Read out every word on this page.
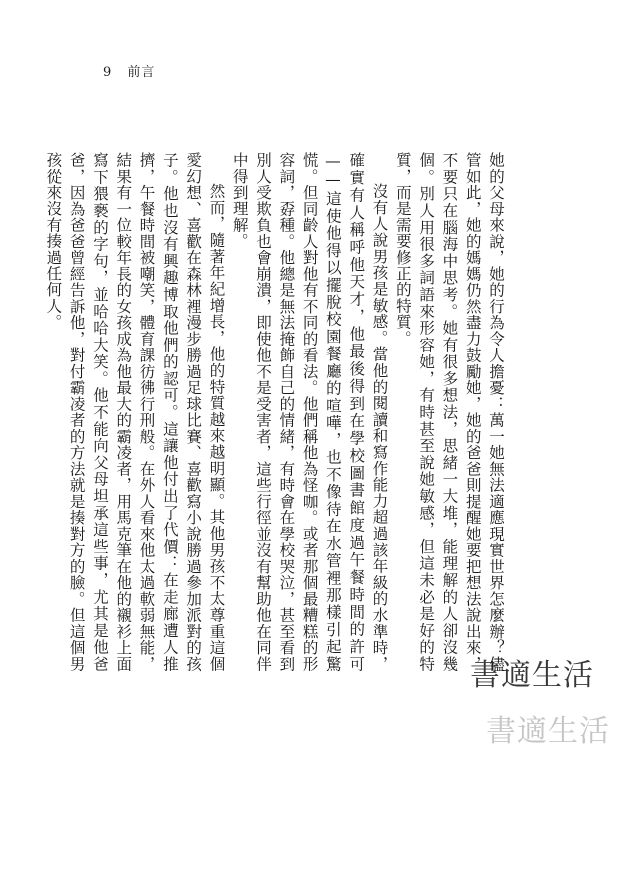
9 前言

她的父母來說，她的行為令人擔憂：萬一她無法適應現實世界怎麼辦？儘管如此，她的媽媽仍然盡力鼓勵她，她的爸爸則提醒她要把想法說出來，不要只在腦海中思考。她有很多想法，思緒一大堆，能理解的人卻沒幾個。別人用很多詞語來形容她，有時甚至說她敏感，但這未必是好的特質，而是需要修正的特質。

沒有人說男孩是敏感。當他的閱讀和寫作能力超過該年級的水準時，確實有人稱呼他天才，他最後得到在學校圖書館度過午餐時間的許可——這使他得以擺脫校園餐廳的喧嘩，也不像待在水管裡那樣引起驚慌。但同齡人對他有不同的看法。他們稱他為怪咖。或者那個最糟糕的形容詞，孬種。他總是無法掩飾自己的情緒，有時會在學校哭泣，甚至看到別人受欺負也會崩潰，即使他不是受害者，這些行徑並沒有幫助他在同伴中得到理解。

然而，隨著年紀增長，他的特質越來越明顯。其他男孩不太尊重這個愛幻想、喜歡在森林裡漫步勝過足球比賽、喜歡寫小說勝過參加派對的孩子。他也沒有興趣博取他們的認可。這讓他付出了代價：在走廊遭人推擠，午餐時間被嘲笑，體育課彷彿行刑般。在外人看來他太過軟弱無能，結果有一位較年長的女孩成為他最大的霸凌者，用馬克筆在他的襯衫上面寫下猥褻的字句，並哈哈大笑。他不能向父母坦承這些事，尤其是他爸爸，因為爸爸曾經告訴他，對付霸凌者的方法就是揍對方的臉。但這個男孩從來沒有揍過任何人。

書適生活
書適生活
